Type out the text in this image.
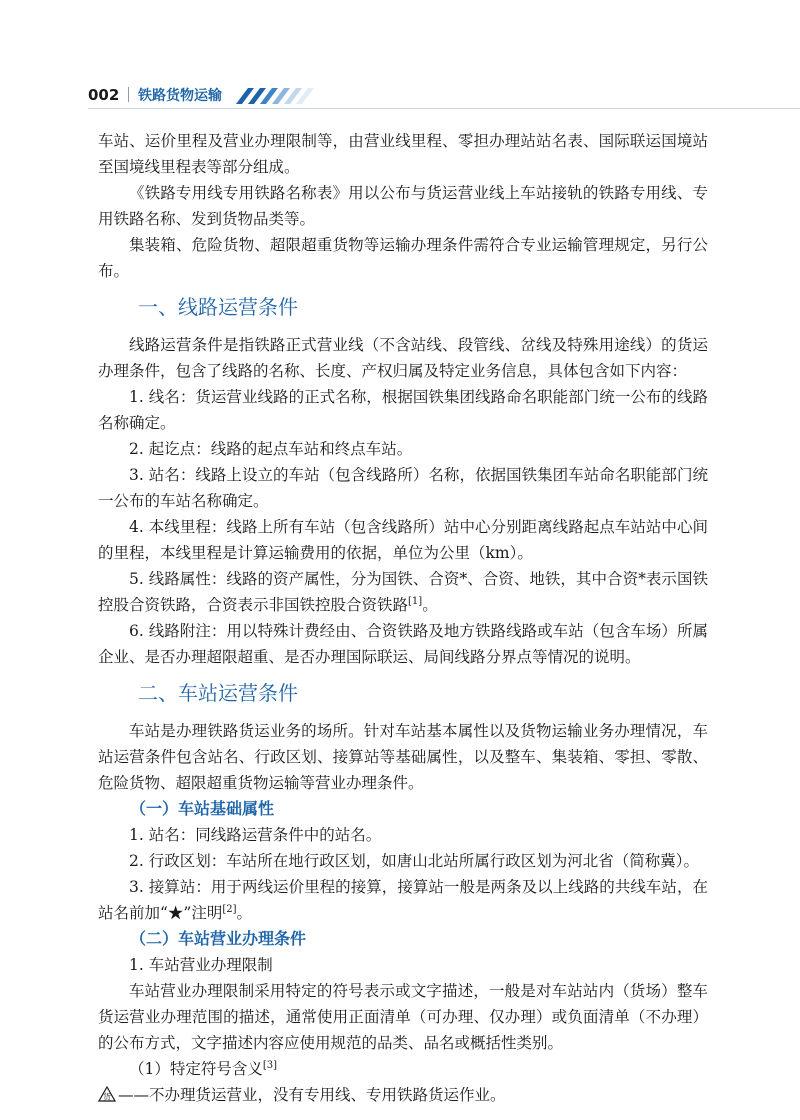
002 铁路货物运输

车站、运价里程及营业办理限制等，由营业线里程、零担办理站站名表、国际联运国境站至国境线里程表等部分组成。

《铁路专用线专用铁路名称表》用以公布与货运营业线上车站接轨的铁路专用线、专用铁路名称、发到货物品类等。

集装箱、危险货物、超限超重货物等运输办理条件需符合专业运输管理规定，另行公布。

一、线路运营条件

线路运营条件是指铁路正式营业线（不含站线、段管线、岔线及特殊用途线）的货运办理条件，包含了线路的名称、长度、产权归属及特定业务信息，具体包含如下内容：

1. 线名：货运营业线路的正式名称，根据国铁集团线路命名职能部门统一公布的线路名称确定。

2. 起讫点：线路的起点车站和终点车站。

3. 站名：线路上设立的车站（包含线路所）名称，依据国铁集团车站命名职能部门统一公布的车站名称确定。

4. 本线里程：线路上所有车站（包含线路所）站中心分别距离线路起点车站站中心间的里程，本线里程是计算运输费用的依据，单位为公里（km）。

5. 线路属性：线路的资产属性，分为国铁、合资*、合资、地铁，其中合资*表示国铁控股合资铁路，合资表示非国铁控股合资铁路[1]。

6. 线路附注：用以特殊计费经由、合资铁路及地方铁路线路或车站（包含车场）所属企业、是否办理超限超重、是否办理国际联运、局间线路分界点等情况的说明。

二、车站运营条件

车站是办理铁路货运业务的场所。针对车站基本属性以及货物运输业务办理情况，车站运营条件包含站名、行政区划、接算站等基础属性，以及整车、集装箱、零担、零散、危险货物、超限超重货物运输等营业办理条件。

（一）车站基础属性

1. 站名：同线路运营条件中的站名。

2. 行政区划：车站所在地行政区划，如唐山北站所属行政区划为河北省（简称冀）。

3. 接算站：用于两线运价里程的接算，接算站一般是两条及以上线路的共线车站，在站名前加“★”注明[2]。

（二）车站营业办理条件

1. 车站营业办理限制

车站营业办理限制采用特定的符号表示或文字描述，一般是对车站站内（货场）整车货运营业办理范围的描述，通常使用正面清单（可办理、仅办理）或负面清单（不办理）的公布方式，文字描述内容应使用规范的品类、品名或概括性类别。

（1）特定符号含义[3]

货 ——不办理货运营业，没有专用线、专用铁路货运作业。
